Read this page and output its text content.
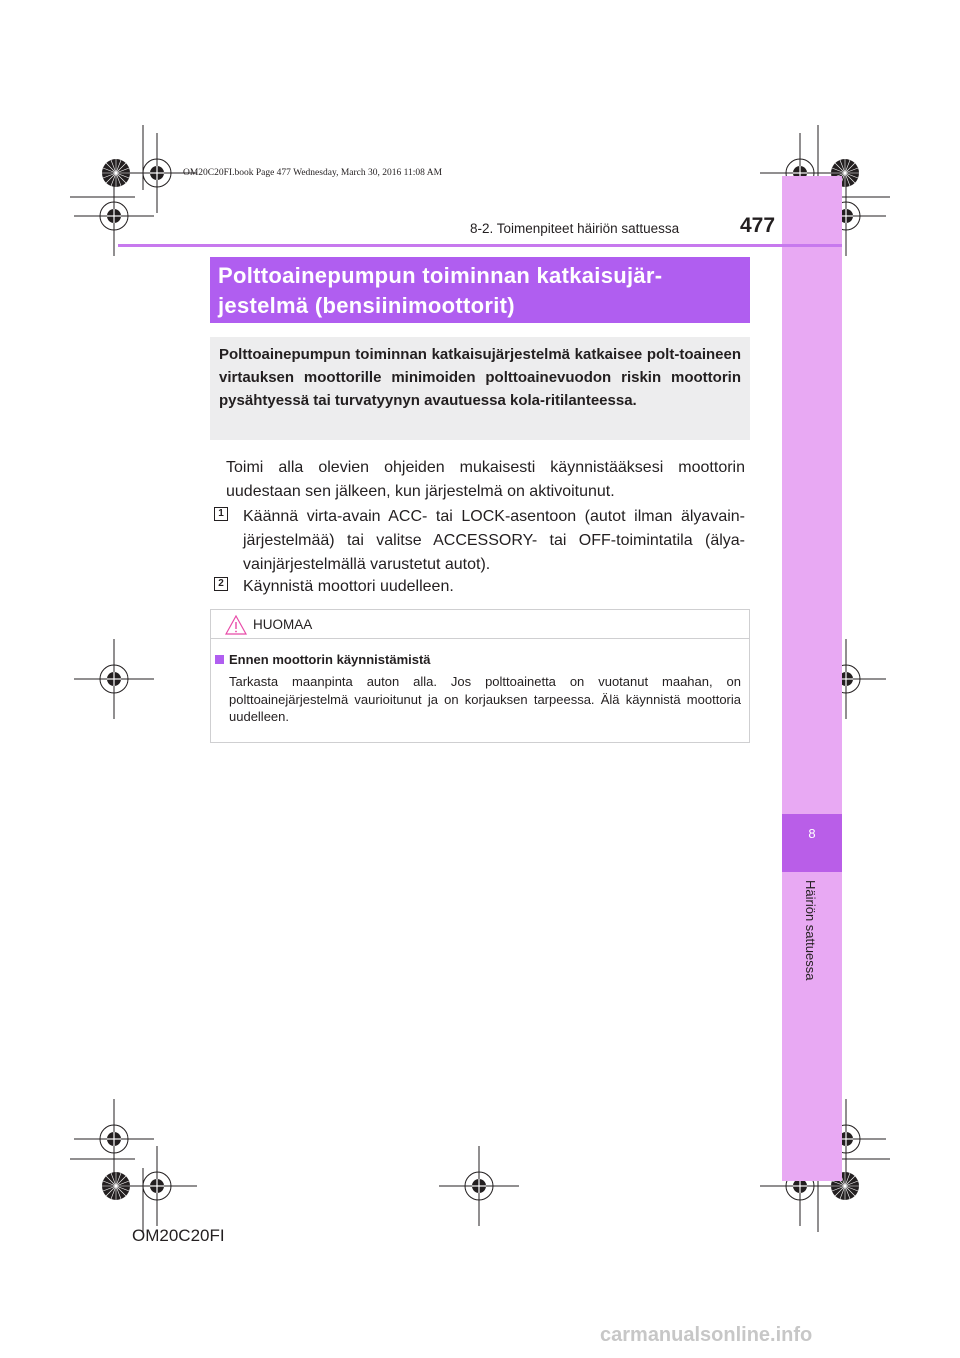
8
Häiriön sattuessa
OM20C20FI.book Page 477 Wednesday, March 30, 2016 11:08 AM
8-2. Toimenpiteet häiriön sattuessa	477
Polttoainepumpun toiminnan katkaisujär-
jestelmä (bensiinimoottorit)
Polttoainepumpun toiminnan katkaisujärjestelmä katkaisee polt-toaineen virtauksen moottorille minimoiden polttoainevuodon riskin moottorin pysähtyessä tai turvatyynyn avautuessa kola-ritilanteessa.
Toimi alla olevien ohjeiden mukaisesti käynnistääksesi moottorin uudestaan sen jälkeen, kun järjestelmä on aktivoitunut.
1 Käännä virta-avain ACC- tai LOCK-asentoon (autot ilman älyavain-järjestelmää) tai valitse ACCESSORY- tai OFF-toimintatila (älya-vainjärjestelmällä varustetut autot).
2 Käynnistä moottori uudelleen.
HUOMAA
Ennen moottorin käynnistämistä
Tarkasta maanpinta auton alla. Jos polttoainetta on vuotanut maahan, on polttoainejärjestelmä vaurioitunut ja on korjauksen tarpeessa. Älä käynnistä moottoria uudelleen.
OM20C20FI
carmanualsonline.info
